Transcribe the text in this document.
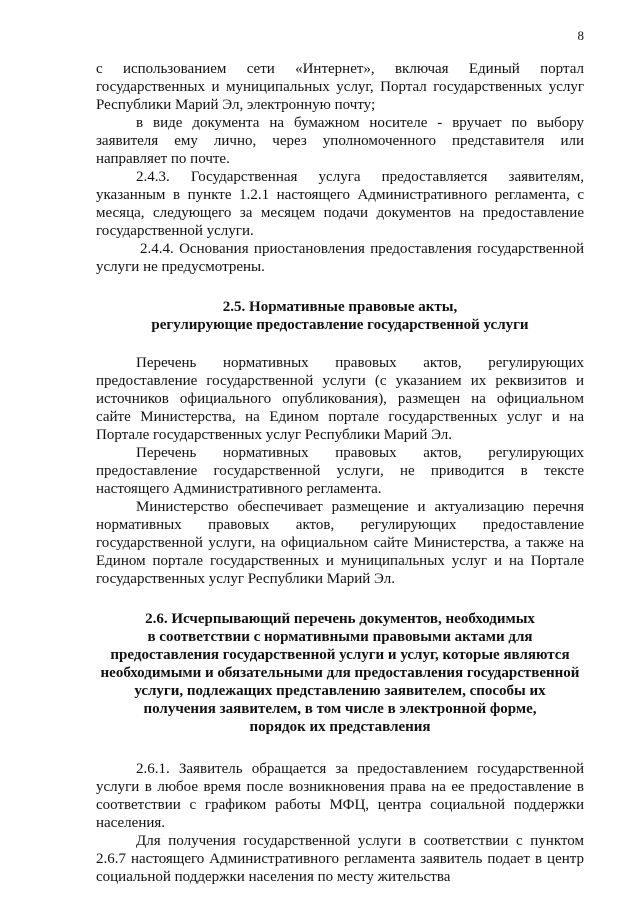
8

с использованием сети «Интернет», включая Единый портал государственных и муниципальных услуг, Портал государственных услуг Республики Марий Эл, электронную почту;

в виде документа на бумажном носителе - вручает по выбору заявителя ему лично, через уполномоченного представителя или направляет по почте.

2.4.3. Государственная услуга предоставляется заявителям, указанным в пункте 1.2.1 настоящего Административного регламента, с месяца, следующего за месяцем подачи документов на предоставление государственной услуги.

2.4.4. Основания приостановления предоставления государственной услуги не предусмотрены.

2.5. Нормативные правовые акты,
регулирующие предоставление государственной услуги

Перечень нормативных правовых актов, регулирующих предоставление государственной услуги (с указанием их реквизитов и источников официального опубликования), размещен на официальном сайте Министерства, на Едином портале государственных услуг и на Портале государственных услуг Республики Марий Эл.

Перечень нормативных правовых актов, регулирующих предоставление государственной услуги, не приводится в тексте настоящего Административного регламента.

Министерство обеспечивает размещение и актуализацию перечня нормативных правовых актов, регулирующих предоставление государственной услуги, на официальном сайте Министерства, а также на Едином портале государственных и муниципальных услуг и на Портале государственных услуг Республики Марий Эл.

2.6. Исчерпывающий перечень документов, необходимых
в соответствии с нормативными правовыми актами для
предоставления государственной услуги и услуг, которые являются
необходимыми и обязательными для предоставления государственной
услуги, подлежащих представлению заявителем, способы их
получения заявителем, в том числе в электронной форме,
порядок их представления

2.6.1. Заявитель обращается за предоставлением государственной услуги в любое время после возникновения права на ее предоставление в соответствии с графиком работы МФЦ, центра социальной поддержки населения.

Для получения государственной услуги в соответствии с пунктом 2.6.7 настоящего Административного регламента заявитель подает в центр социальной поддержки населения по месту жительства
